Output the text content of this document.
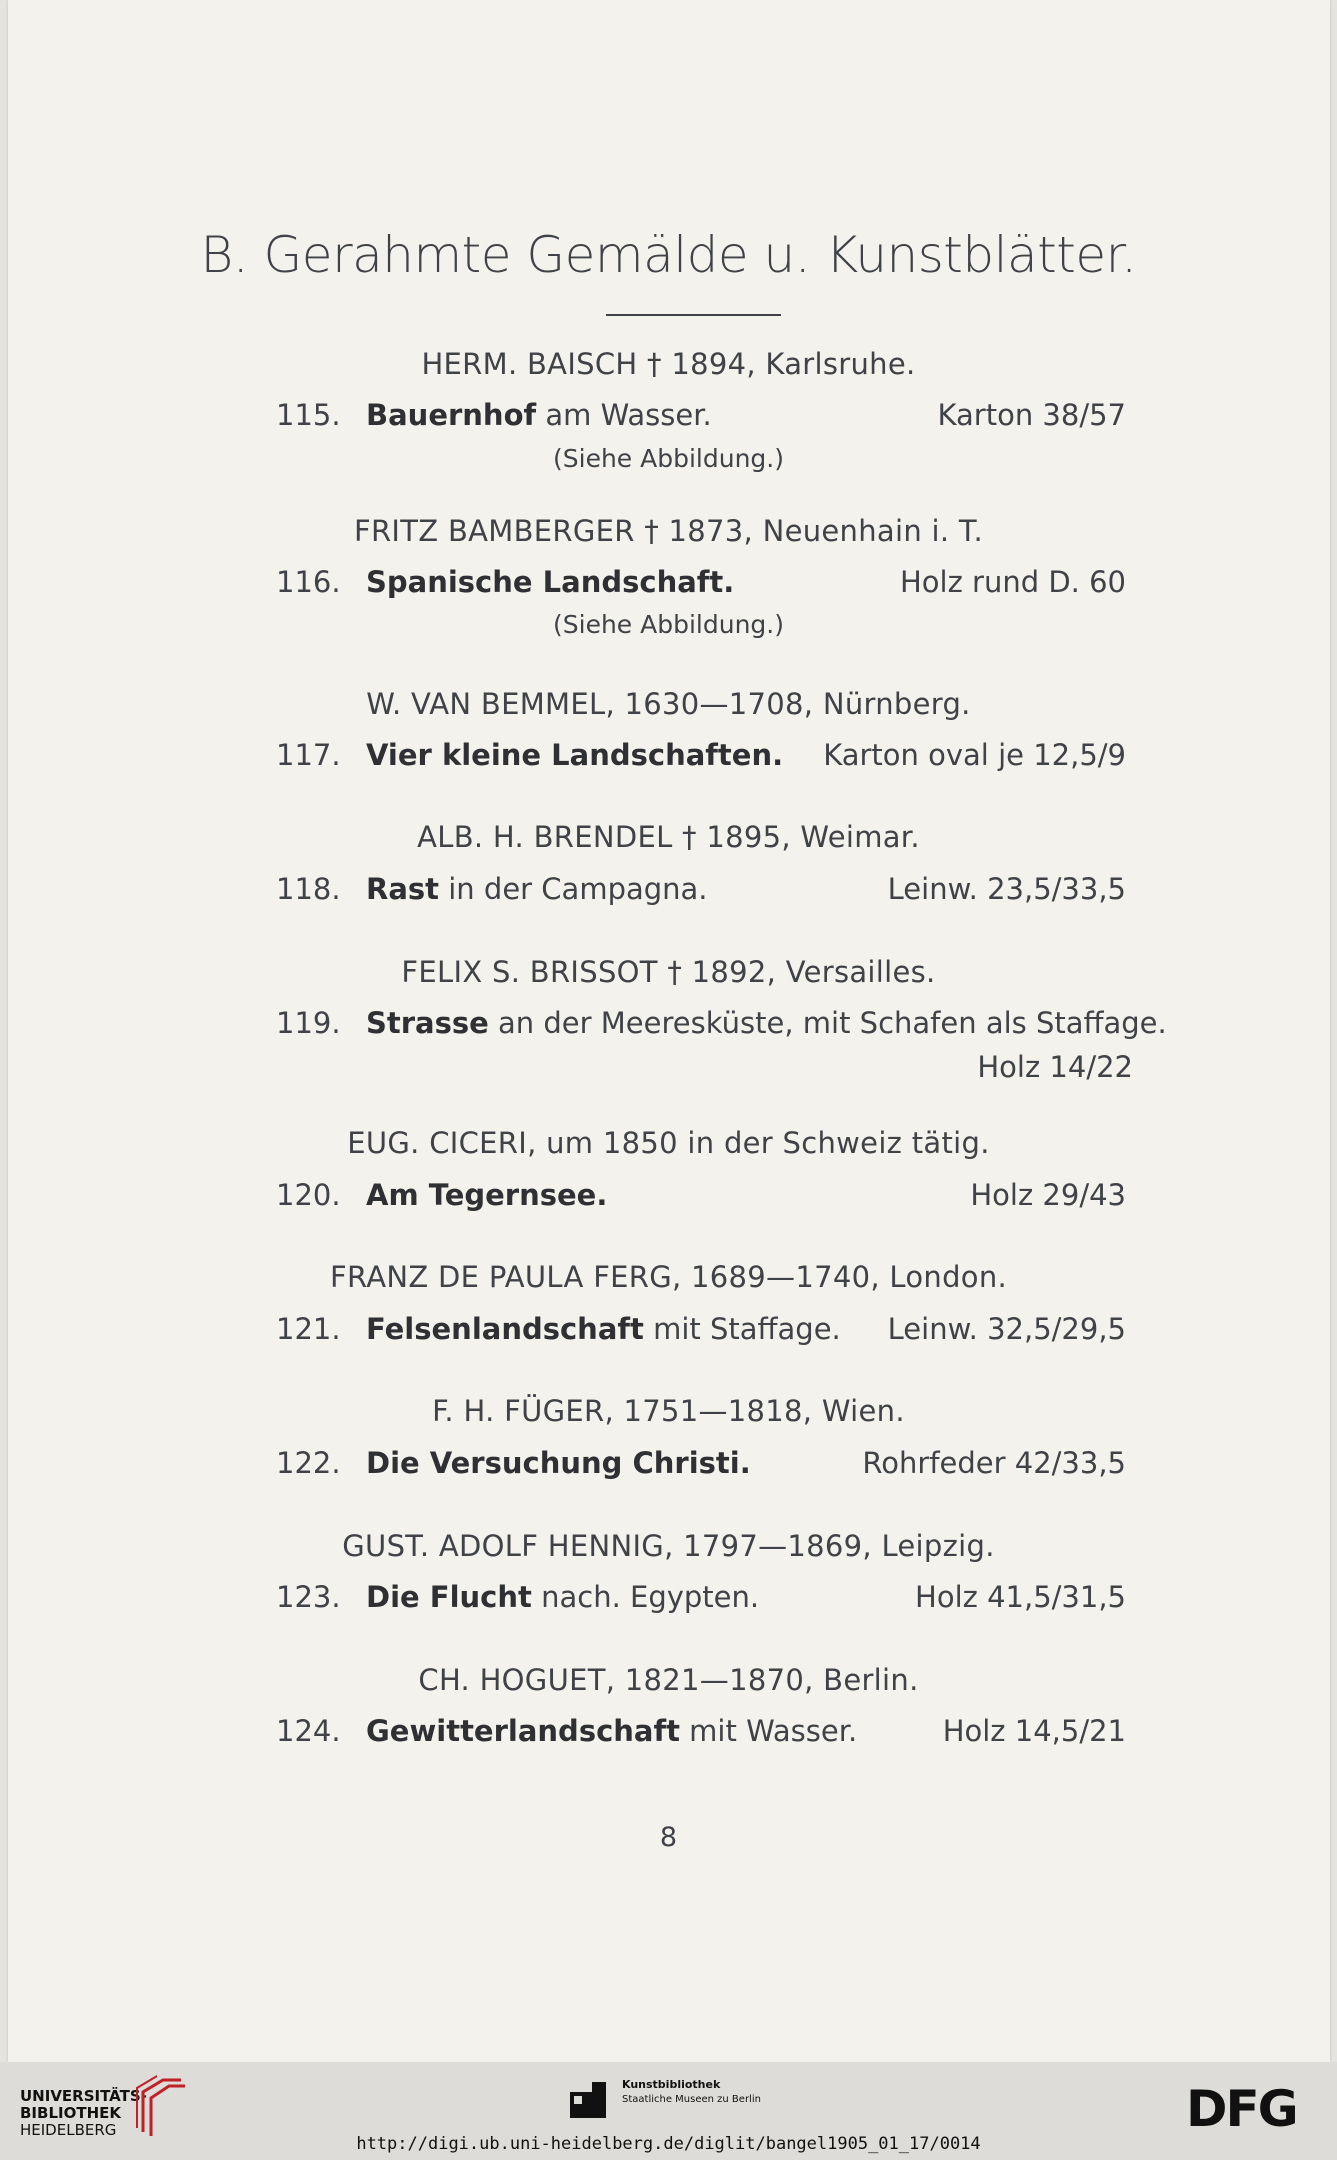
B. Gerahmte Gemälde u. Kunstblätter.
HERM. BAISCH † 1894, Karlsruhe.
115. Bauernhof am Wasser.	Karton 38/57
(Siehe Abbildung.)
FRITZ BAMBERGER † 1873, Neuenhain i. T.
116. Spanische Landschaft.	Holz rund D. 60
(Siehe Abbildung.)
W. VAN BEMMEL, 1630—1708, Nürnberg.
117. Vier kleine Landschaften. Karton oval je 12,5/9
ALB. H. BRENDEL † 1895, Weimar.
118. Rast in der Campagna.	Leinw. 23,5/33,5
FELIX S. BRISSOT † 1892, Versailles.
119. Strasse an der Meeresküste, mit Schafen als Staffage.
Holz 14/22
EUG. CICERI, um 1850 in der Schweiz tätig.
120. Am Tegernsee.	Holz 29/43
FRANZ DE PAULA FERG, 1689—1740, London.
121. Felsenlandschaft mit Staffage. Leinw. 32,5/29,5
F. H. FÜGER, 1751—1818, Wien.
122. Die Versuchung Christi.	Rohrfeder 42/33,5
GUST. ADOLF HENNIG, 1797—1869, Leipzig.
123. Die Flucht nach. Egypten.	Holz 41,5/31,5
CH. HOGUET, 1821—1870, Berlin.
124. Gewitterlandschaft mit Wasser.	Holz 14,5/21
8
UNIVERSITÄTS-
BIBLIOTHEK
HEIDELBERG
Kunstbibliothek
Staatliche Museen zu Berlin	DFG
http://digi.ub.uni-heidelberg.de/diglit/bangel1905_01_17/0014
